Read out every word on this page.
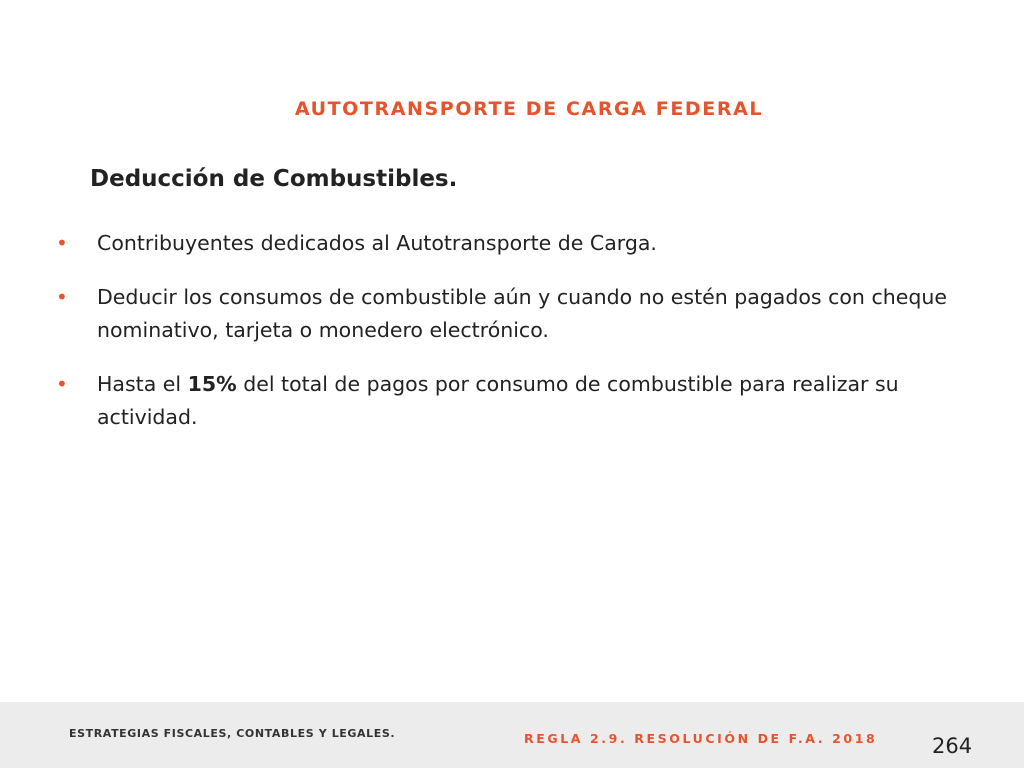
AUTOTRANSPORTE DE CARGA FEDERAL
Deducción de Combustibles.
• Contribuyentes dedicados al Autotransporte de Carga.
• Deducir los consumos de combustible aún y cuando no estén pagados con cheque nominativo, tarjeta o monedero electrónico.
• Hasta el 15% del total de pagos por consumo de combustible para realizar su actividad.
ESTRATEGIAS FISCALES, CONTABLES Y LEGALES.	REGLA 2.9. RESOLUCIÓN DE F.A. 2018	264
